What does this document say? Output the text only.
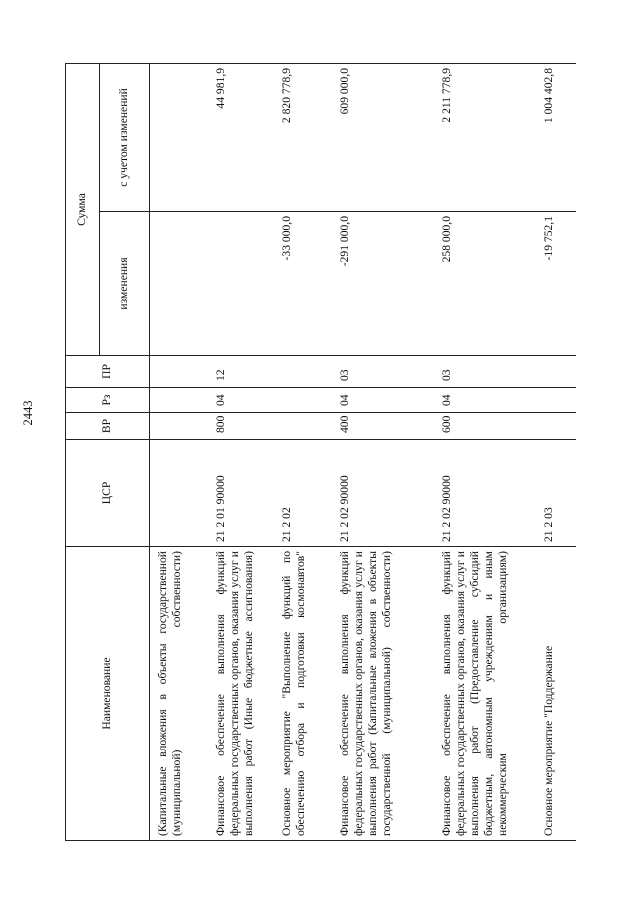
2443
Наименование	ЦСР	ВР	Рз	ПР	Сумма	
					изменения	с учетом изменений
(Капитальные вложения в объекты государственной (муниципальной) собственности)						
Финансовое обеспечение выполнения функций федеральных государственных органов, оказания услуг и выполнения работ (Иные бюджетные ассигнования)	21 2 01 90000	800	04	12		44 981,9
Основное мероприятие "Выполнение функций по обеспечению отбора и подготовки космонавтов"	21 2 02				-33 000,0	2 820 778,9
Финансовое обеспечение выполнения функций федеральных государственных органов, оказания услуг и выполнения работ (Капитальные вложения в объекты государственной (муниципальной) собственности)	21 2 02 90000	400	04	03	-291 000,0	609 000,0
Финансовое обеспечение выполнения функций федеральных государственных органов, оказания услуг и выполнения работ (Предоставление субсидий бюджетным, автономным учреждениям и иным некоммерческим организациям)	21 2 02 90000	600	04	03	258 000,0	2 211 778,9
Основное мероприятие "Поддержание	21 2 03				-19 752,1	1 004 402,8
